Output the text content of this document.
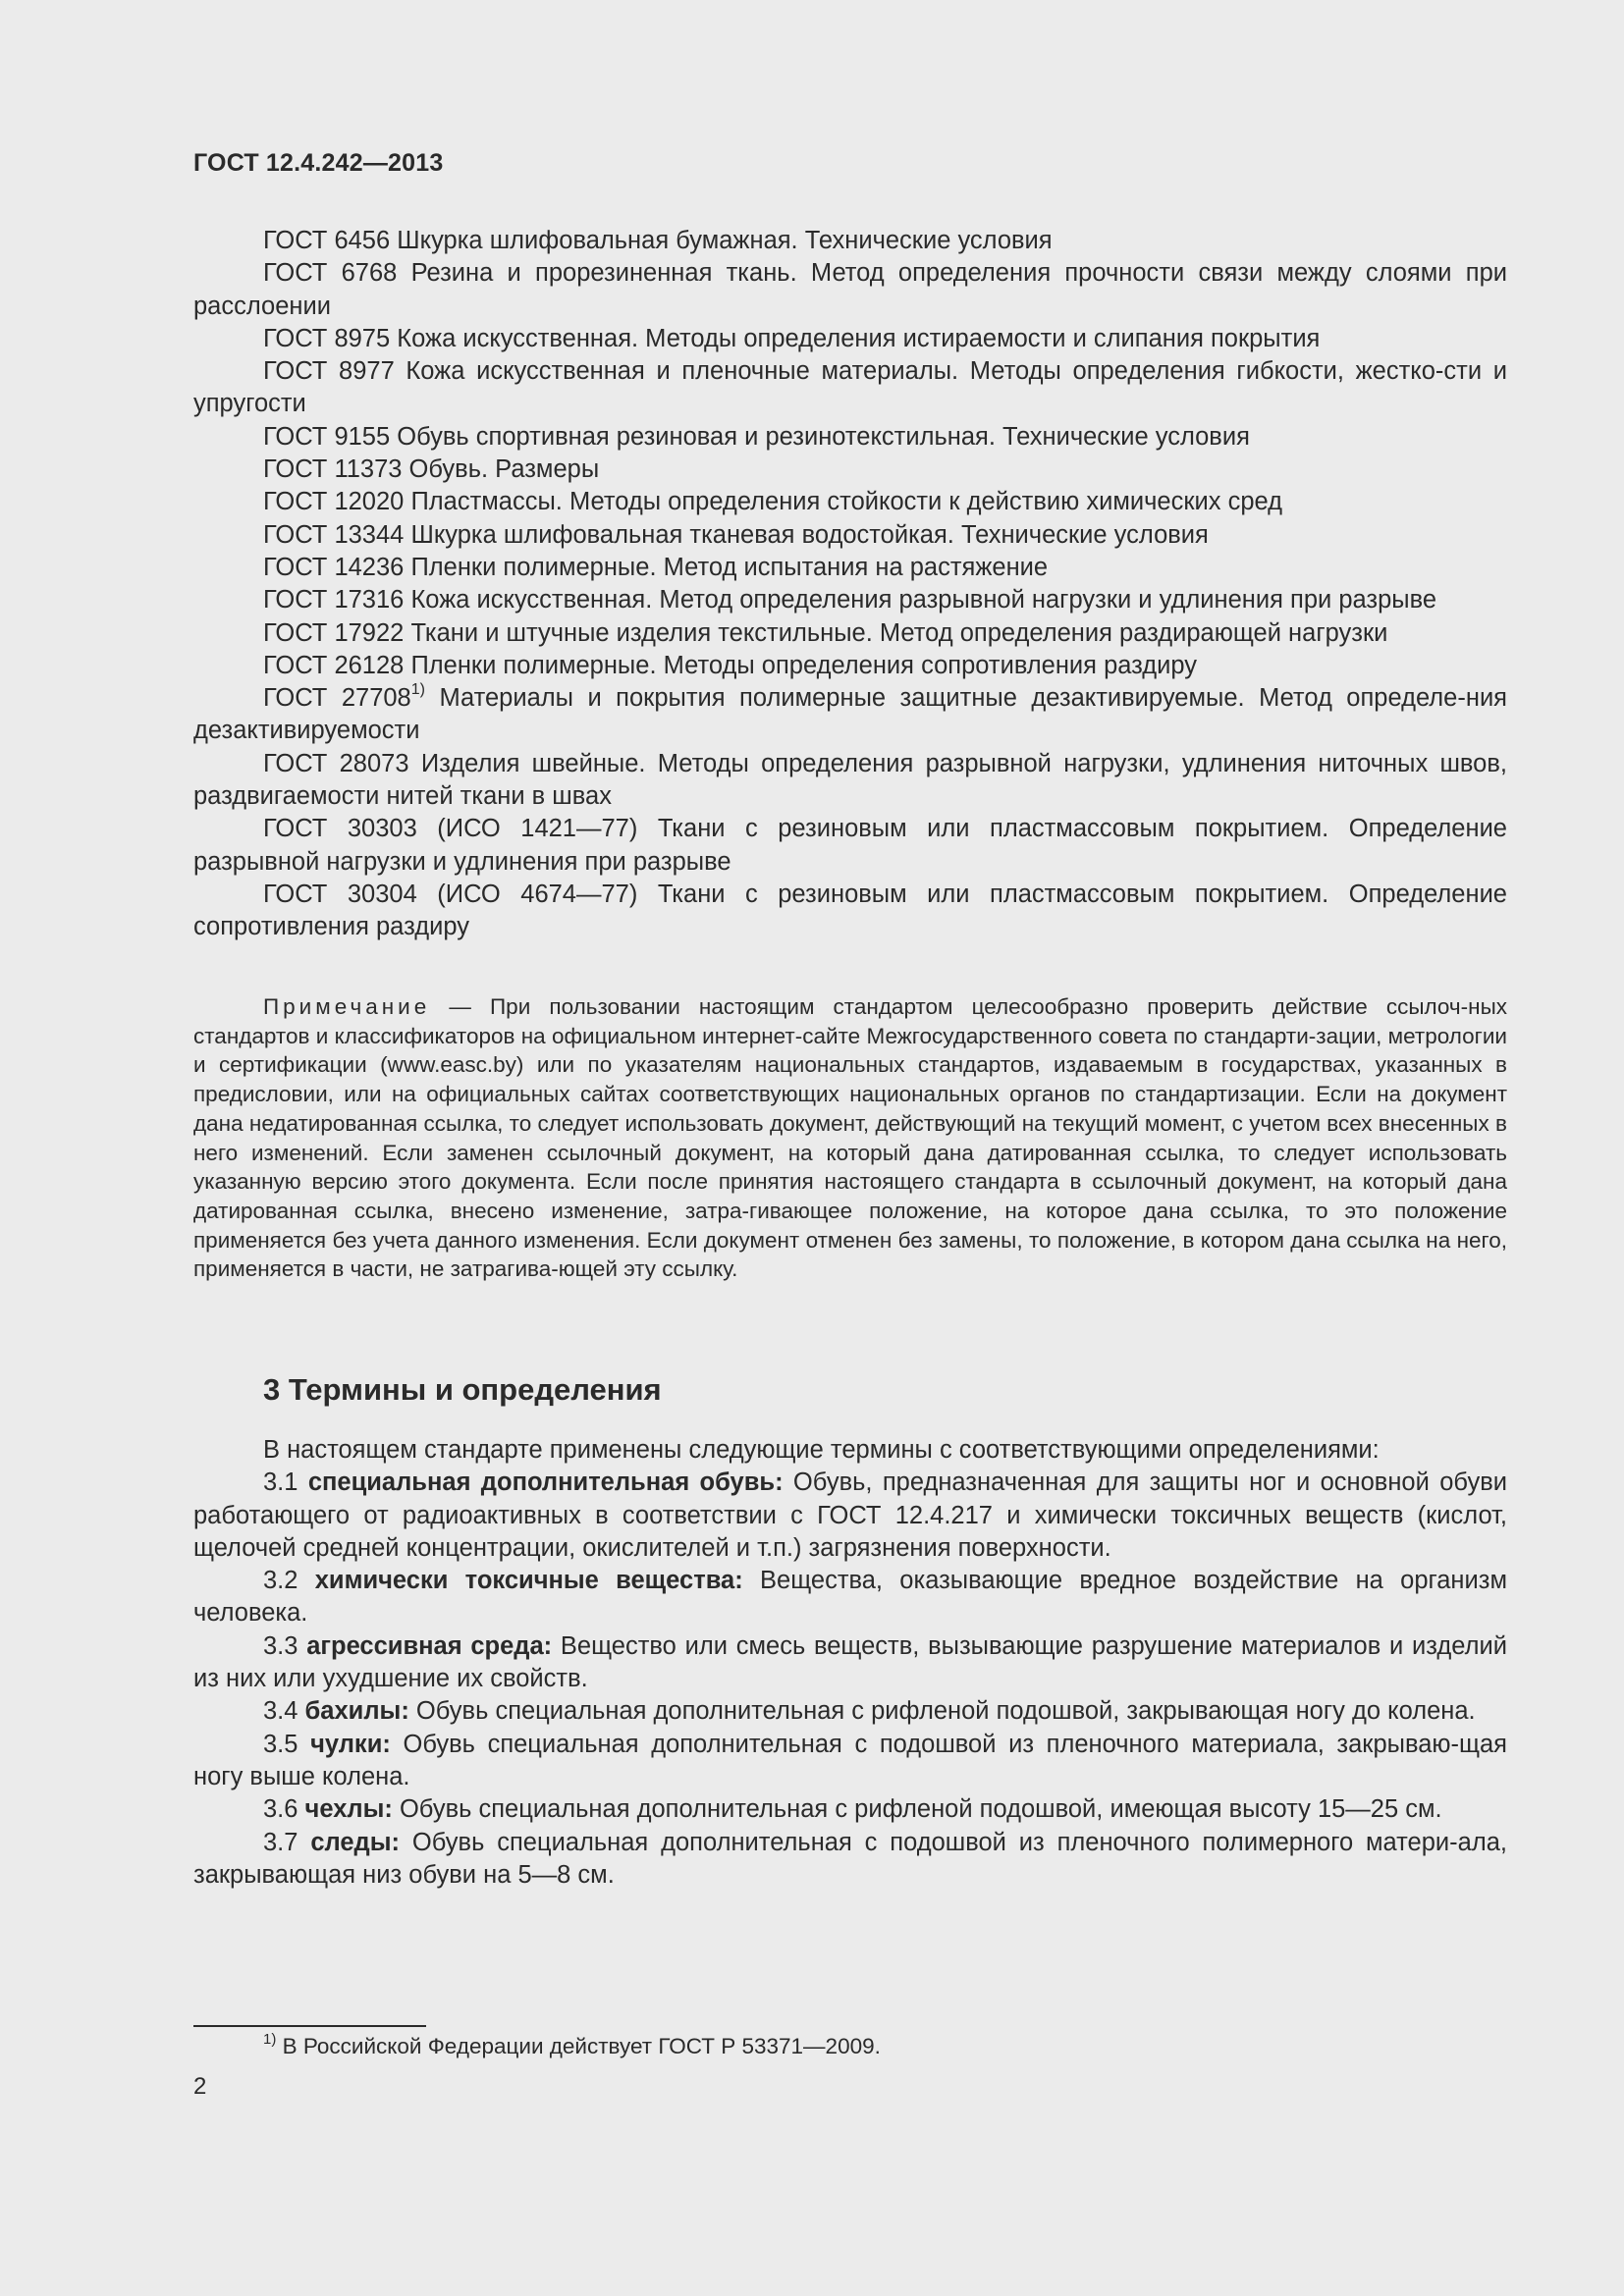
ГОСТ 12.4.242—2013

ГОСТ 6456 Шкурка шлифовальная бумажная. Технические условия

ГОСТ 6768 Резина и прорезиненная ткань. Метод определения прочности связи между слоями при расслоении

ГОСТ 8975 Кожа искусственная. Методы определения истираемости и слипания покрытия

ГОСТ 8977 Кожа искусственная и пленочные материалы. Методы определения гибкости, жестко-сти и упругости

ГОСТ 9155 Обувь спортивная резиновая и резинотекстильная. Технические условия

ГОСТ 11373 Обувь. Размеры

ГОСТ 12020 Пластмассы. Методы определения стойкости к действию химических сред

ГОСТ 13344 Шкурка шлифовальная тканевая водостойкая. Технические условия

ГОСТ 14236 Пленки полимерные. Метод испытания на растяжение

ГОСТ 17316 Кожа искусственная. Метод определения разрывной нагрузки и удлинения при разрыве

ГОСТ 17922 Ткани и штучные изделия текстильные. Метод определения раздирающей нагрузки

ГОСТ 26128 Пленки полимерные. Методы определения сопротивления раздиру

ГОСТ 27708$^{1)}$ Материалы и покрытия полимерные защитные дезактивируемые. Метод определе-ния дезактивируемости

ГОСТ 28073 Изделия швейные. Методы определения разрывной нагрузки, удлинения ниточных швов, раздвигаемости нитей ткани в швах

ГОСТ 30303 (ИСО 1421—77) Ткани с резиновым или пластмассовым покрытием. Определение разрывной нагрузки и удлинения при разрыве

ГОСТ 30304 (ИСО 4674—77) Ткани с резиновым или пластмассовым покрытием. Определение сопротивления раздиру

Примечание — При пользовании настоящим стандартом целесообразно проверить действие ссылоч-ных стандартов и классификаторов на официальном интернет-сайте Межгосударственного совета по стандарти-зации, метрологии и сертификации (www.easc.by) или по указателям национальных стандартов, издаваемым в государствах, указанных в предисловии, или на официальных сайтах соответствующих национальных органов по стандартизации. Если на документ дана недатированная ссылка, то следует использовать документ, действующий на текущий момент, с учетом всех внесенных в него изменений. Если заменен ссылочный документ, на который дана датированная ссылка, то следует использовать указанную версию этого документа. Если после принятия настоящего стандарта в ссылочный документ, на который дана датированная ссылка, внесено изменение, затра-гивающее положение, на которое дана ссылка, то это положение применяется без учета данного изменения. Если документ отменен без замены, то положение, в котором дана ссылка на него, применяется в части, не затрагива-ющей эту ссылку.

3 Термины и определения

В настоящем стандарте применены следующие термины с соответствующими определениями:

3.1 специальная дополнительная обувь: Обувь, предназначенная для защиты ног и основной обуви работающего от радиоактивных в соответствии с ГОСТ 12.4.217 и химически токсичных веществ (кислот, щелочей средней концентрации, окислителей и т.п.) загрязнения поверхности.

3.2 химически токсичные вещества: Вещества, оказывающие вредное воздействие на организм человека.

3.3 агрессивная среда: Вещество или смесь веществ, вызывающие разрушение материалов и изделий из них или ухудшение их свойств.

3.4 бахилы: Обувь специальная дополнительная с рифленой подошвой, закрывающая ногу до колена.

3.5 чулки: Обувь специальная дополнительная с подошвой из пленочного материала, закрываю-щая ногу выше колена.

3.6 чехлы: Обувь специальная дополнительная с рифленой подошвой, имеющая высоту 15—25 см.

3.7 следы: Обувь специальная дополнительная с подошвой из пленочного полимерного матери-ала, закрывающая низ обуви на 5—8 см.

$^{1)}$ В Российской Федерации действует ГОСТ Р 53371—2009.
2
